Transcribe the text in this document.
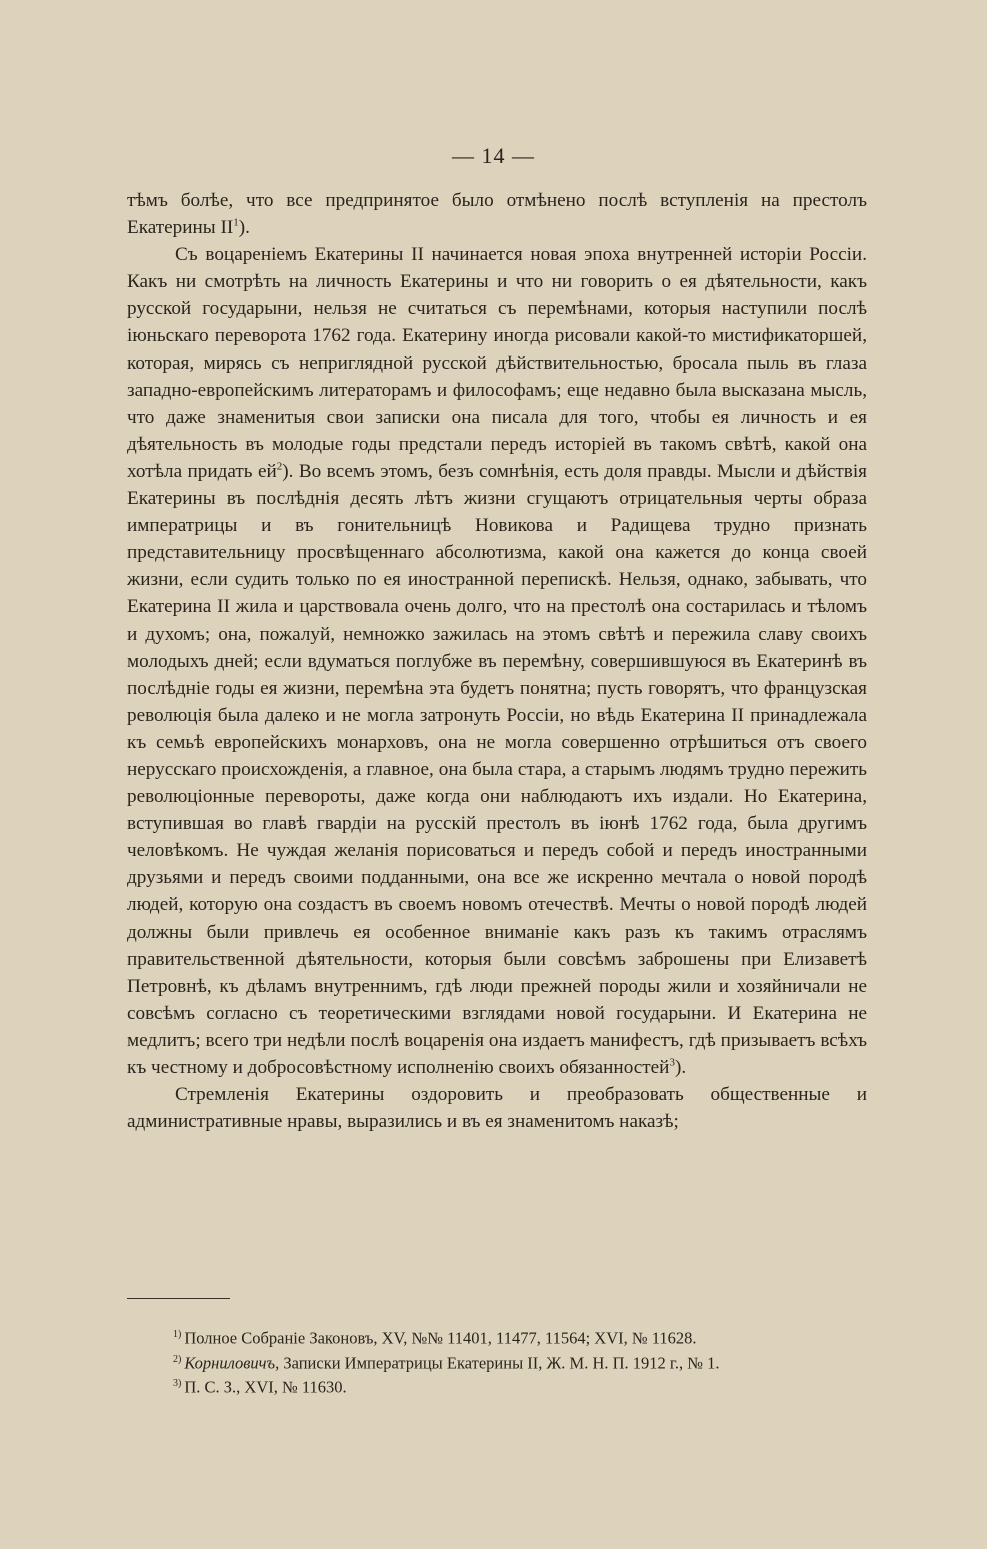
— 14 —

тѣмъ болѣе, что все предпринятое было отмѣнено послѣ вступленія на престолъ Екатерины $II^1$).

Съ воцареніемъ Екатерины II начинается новая эпоха внутренней исторіи Россіи. Какъ ни смотрѣть на личность Екатерины и что ни говорить о ея дѣятельности, какъ русской государыни, нельзя не считаться съ перемѣнами, которыя наступили послѣ іюньскаго переворота 1762 года. Екатерину иногда рисовали какой-то мистификаторшей, которая, мирясь съ неприглядной русской дѣйствительностью, бросала пыль въ глаза западно-европейскимъ литераторамъ и философамъ; еще недавно была высказана мысль, что даже знаменитыя свои записки она писала для того, чтобы ея личность и ея дѣятельность въ молодые годы предстали передъ исторіей въ такомъ свѣтѣ, какой она хотѣла придать $ей^2$). Во всемъ этомъ, безъ сомнѣнія, есть доля правды. Мысли и дѣйствія Екатерины въ послѣднія десять лѣтъ жизни сгущаютъ отрицательныя черты образа императрицы и въ гонительницѣ Новикова и Радищева трудно признать представительницу просвѣщеннаго абсолютизма, какой она кажется до конца своей жизни, если судить только по ея иностранной перепискѣ. Нельзя, однако, забывать, что Екатерина II жила и царствовала очень долго, что на престолѣ она состарилась и тѣломъ и духомъ; она, пожалуй, немножко зажилась на этомъ свѣтѣ и пережила славу своихъ молодыхъ дней; если вдуматься поглубже въ перемѣну, совершившуюся въ Екатеринѣ въ послѣдніе годы ея жизни, перемѣна эта будетъ понятна; пусть говорятъ, что французская революція была далеко и не могла затронуть Россіи, но вѣдь Екатерина II принадлежала къ семьѣ европейскихъ монарховъ, она не могла совершенно отрѣшиться отъ своего нерусскаго происхожденія, а главное, она была стара, а старымъ людямъ трудно пережить революціонные перевороты, даже когда они наблюдаютъ ихъ издали. Но Екатерина, вступившая во главѣ гвардіи на русскій престолъ въ іюнѣ 1762 года, была другимъ человѣкомъ. Не чуждая желанія порисоваться и передъ собой и передъ иностранными друзьями и передъ своими подданными, она все же искренно мечтала о новой породѣ людей, которую она создастъ въ своемъ новомъ отечествѣ. Мечты о новой породѣ людей должны были привлечь ея особенное вниманіе какъ разъ къ такимъ отраслямъ правительственной дѣятельности, которыя были совсѣмъ заброшены при Елизаветѣ Петровнѣ, къ дѣламъ внутреннимъ, гдѣ люди прежней породы жили и хозяйничали не совсѣмъ согласно съ теоретическими взглядами новой государыни. И Екатерина не медлитъ; всего три недѣли послѣ воцаренія она издаетъ манифестъ, гдѣ призываетъ всѣхъ къ честному и добросовѣстному исполненію своихъ обязанностей$^3$).

Стремленія Екатерины оздоровить и преобразовать общественные и административные нравы, выразились и въ ея знаменитомъ наказѣ;

$^{1)}$ Полное Собраніе Законовъ, XV, №№ 11401, 11477, 11564; XVI, № 11628.
$^{2)}$ Корниловичъ, Записки Императрицы Екатерины II, Ж. М. Н. П. 1912 г., № 1.
$^{3)}$ П. С. З., XVI, № 11630.
